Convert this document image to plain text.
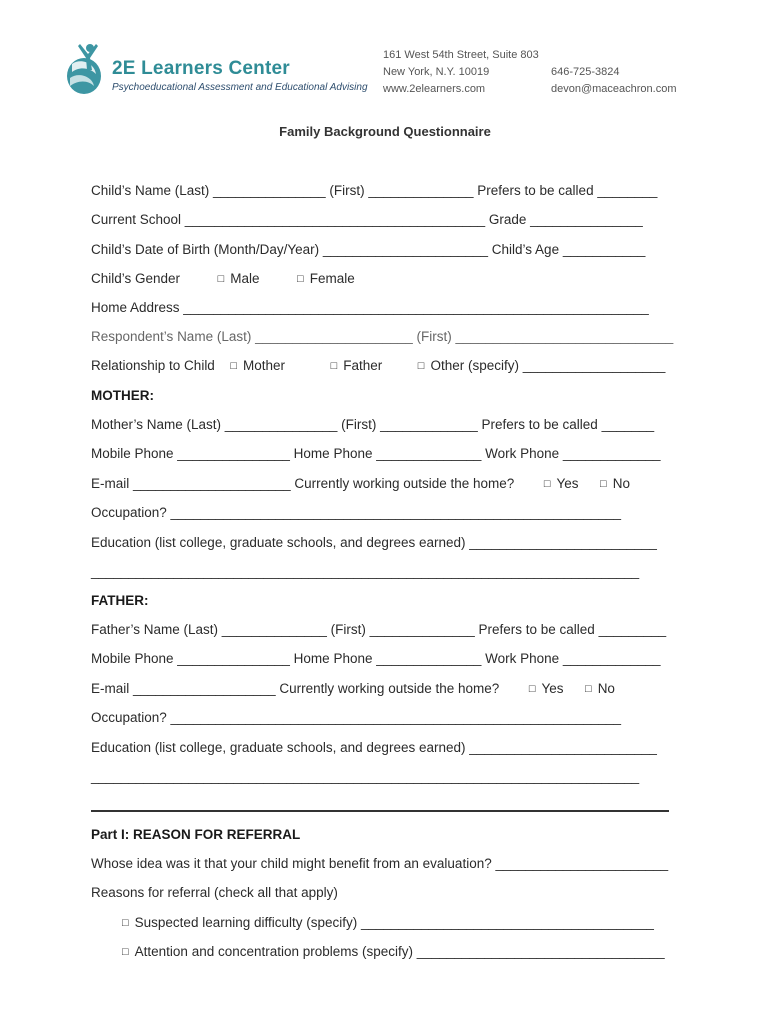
2E Learners Center
Psychoeducational Assessment and Educational Advising
161 West 54th Street, Suite 803
New York, N.Y. 10019
www.2elearners.com
646-725-3824
devon@maceachron.com
Family Background Questionnaire
Child’s Name (Last) _______________ (First) ______________ Prefers to be called ________
Current School ________________________________________ Grade _______________
Child’s Date of Birth (Month/Day/Year) ______________________ Child’s Age ___________
Child’s Gender	□ Male	□ Female
Home Address ______________________________________________________________
Respondent’s Name (Last) _____________________ (First) _____________________________
Relationship to Child □ Mother	□ Father	□ Other (specify) ___________________
MOTHER:
Mother’s Name (Last) _______________ (First) _____________ Prefers to be called _______
Mobile Phone _______________ Home Phone ______________ Work Phone _____________
E-mail _____________________ Currently working outside the home?	□ Yes □ No
Occupation? ____________________________________________________________
Education (list college, graduate schools, and degrees earned) _________________________
_________________________________________________________________________
FATHER:
Father’s Name (Last) ______________ (First) ______________ Prefers to be called _________
Mobile Phone _______________ Home Phone ______________ Work Phone _____________
E-mail ___________________ Currently working outside the home?	□ Yes □ No
Occupation? ____________________________________________________________
Education (list college, graduate schools, and degrees earned) _________________________
_________________________________________________________________________
Part I: REASON FOR REFERRAL
Whose idea was it that your child might benefit from an evaluation? _______________________
Reasons for referral (check all that apply)
□ Suspected learning difficulty (specify) _______________________________________
□ Attention and concentration problems (specify) _________________________________
